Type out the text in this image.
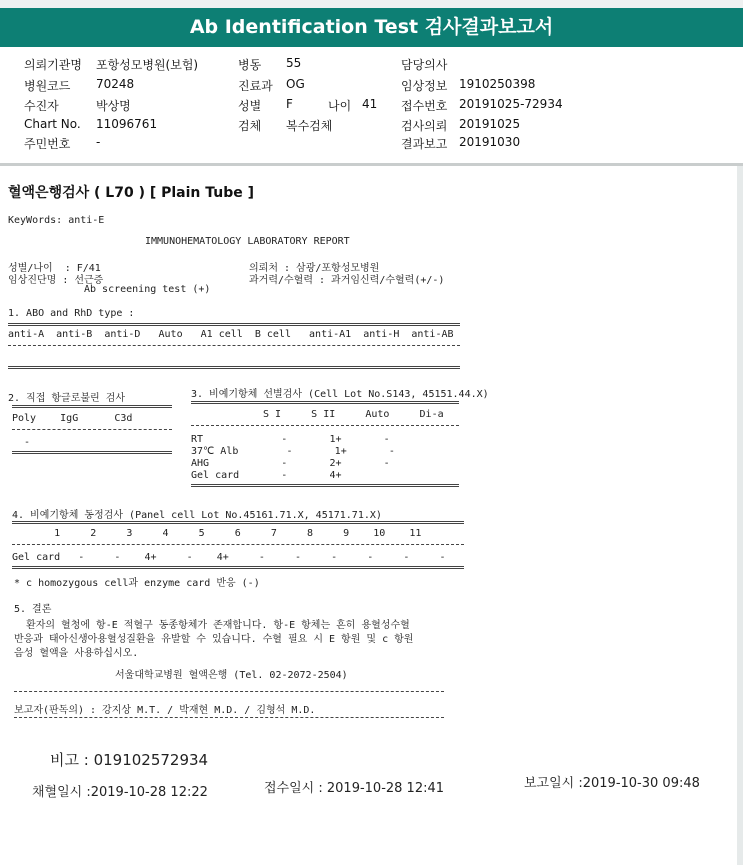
Ab Identification Test 검사결과보고서
의뢰기관명 포항성모병원(보험)	병동 55	담당의사
병원코드 70248	진료과 OG	임상정보 1910250398
수진자	박상명	성별 F	나이 41 접수번호 20191025-72934
Chart No. 11096761	검체 복수검체	검사의뢰 20191025
주민번호 -	결과보고 20191030
혈액은행검사 ( L70 ) [ Plain Tube ]
KeyWords: anti-E
IMMUNOHEMATOLOGY LABORATORY REPORT
성별/나이  : F/41	의뢰처 : 삼광/포항성모병원
임상진단명 : 선근증	과거력/수혈력 : 과거임신력/수혈력(+/-)
Ab screening test (+)
1. ABO and RhD type :
anti-A  anti-B  anti-D   Auto   A1 cell  B cell   anti-A1  anti-H  anti-AB
2. 직접 항글로불린 검사
Poly    IgG      C3d
-
3. 비예기항체 선별검사 (Cell Lot No.S143, 45151.44.X)
S I     S II     Auto     Di-a
RT             -       1+       -
37℃ Alb        -       1+       -
AHG            -       2+       -
Gel card       -       4+
4. 비예기항체 동정검사 (Panel cell Lot No.45161.71.X, 45171.71.X)
1     2     3     4     5     6     7     8     9    10    11
Gel card   -     -    4+     -    4+     -     -     -     -     -     -
* c homozygous cell과 enzyme card 반응 (-)
5. 결론
환자의 혈청에 항-E 적혈구 동종항체가 존재합니다. 항-E 항체는 흔히 용혈성수혈
반응과 태아신생아용혈성질환을 유발할 수 있습니다. 수혈 필요 시 E 항원 및 c 항원
음성 혈액을 사용하십시오.
서울대학교병원 혈액은행 (Tel. 02-2072-2504)
보고자(판독의) : 강지상 M.T. / 박재현 M.D. / 김형석 M.D.
비고 : 019102572934
채혈일시 :2019-10-28 12:22	접수일시 : 2019-10-28 12:41	보고일시 :2019-10-30 09:48
